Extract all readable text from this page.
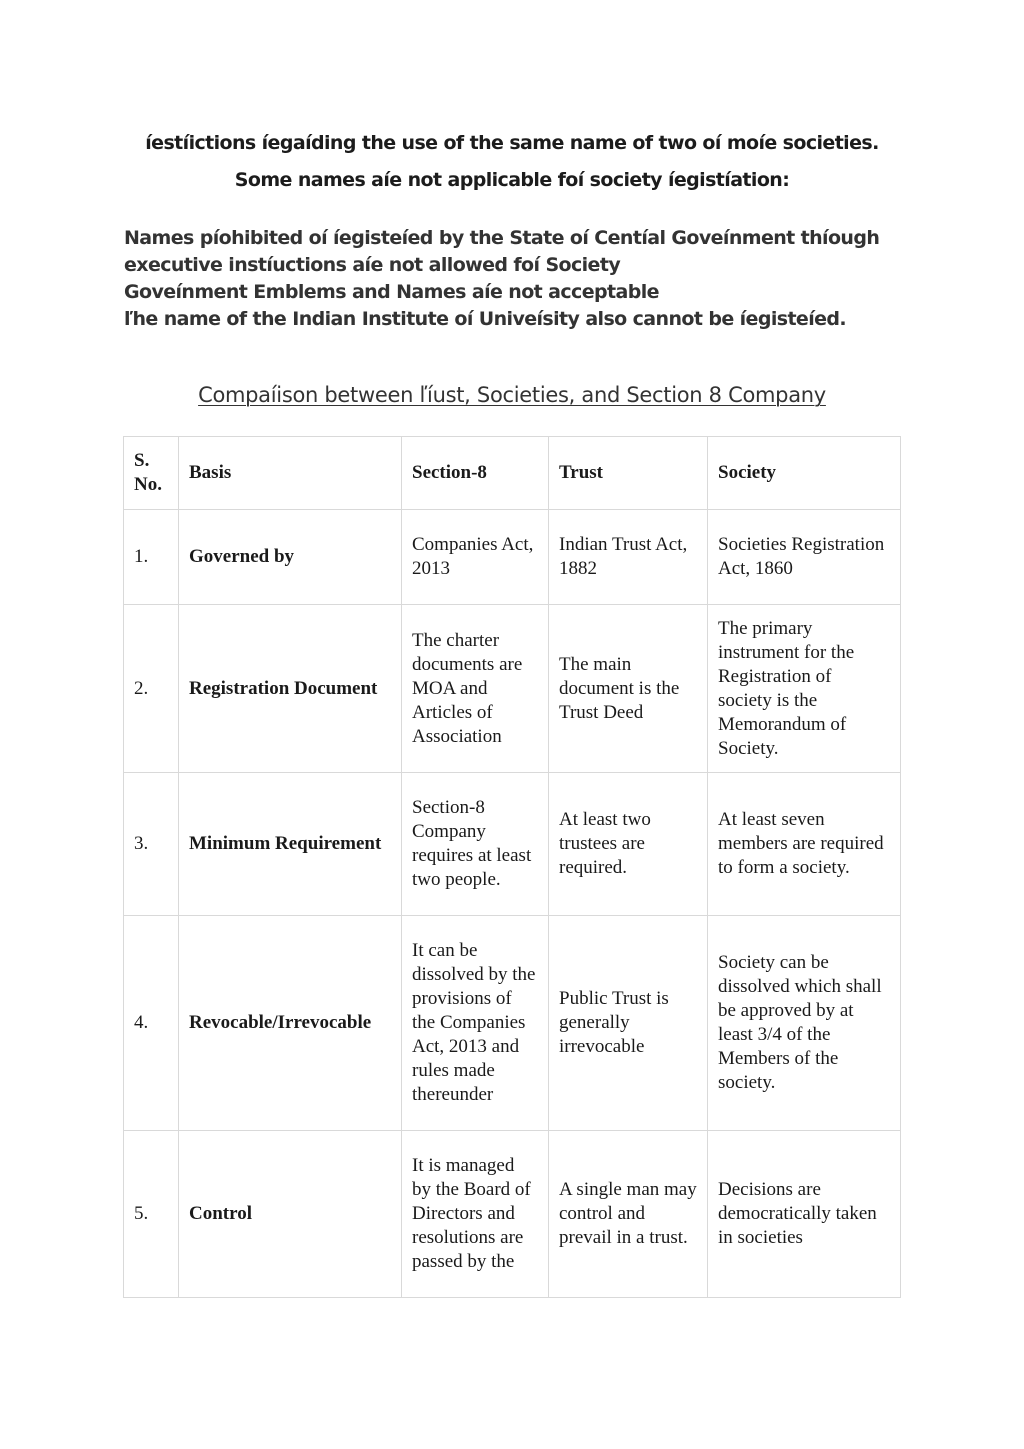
íestíictions íegaíding the use of the same name of two oí moíe societies.
Some names aíe not applicable foí society íegistíation:
Names píohibited oí íegisteíed by the State oí Centíal Goveínment thíough
executive instíuctions aíe not allowed foí Society
Goveínment Emblems and Names aíe not acceptable
ľhe name of the Indian Institute oí Univeísity also cannot be íegisteíed.
Compaíison between ľíust, Societies, and Section 8 Company
S. No.	Basis	Section-8	Trust	Society
1.	Governed by	Companies Act, 2013	Indian Trust Act, 1882	Societies Registration Act, 1860
2.	Registration Document	The charter documents are MOA and Articles of Association	The main document is the Trust Deed	The primary instrument for the Registration of society is the Memorandum of Society.
3.	Minimum Requirement	Section-8 Company requires at least two people.	At least two trustees are required.	At least seven members are required to form a society.
4.	Revocable/Irrevocable	It can be dissolved by the provisions of the Companies Act, 2013 and rules made thereunder	Public Trust is generally irrevocable	Society can be dissolved which shall be approved by at least 3/4 of the Members of the society.
5.	Control	It is managed by the Board of Directors and resolutions are passed by the	A single man may control and prevail in a trust.	Decisions are democratically taken in societies
